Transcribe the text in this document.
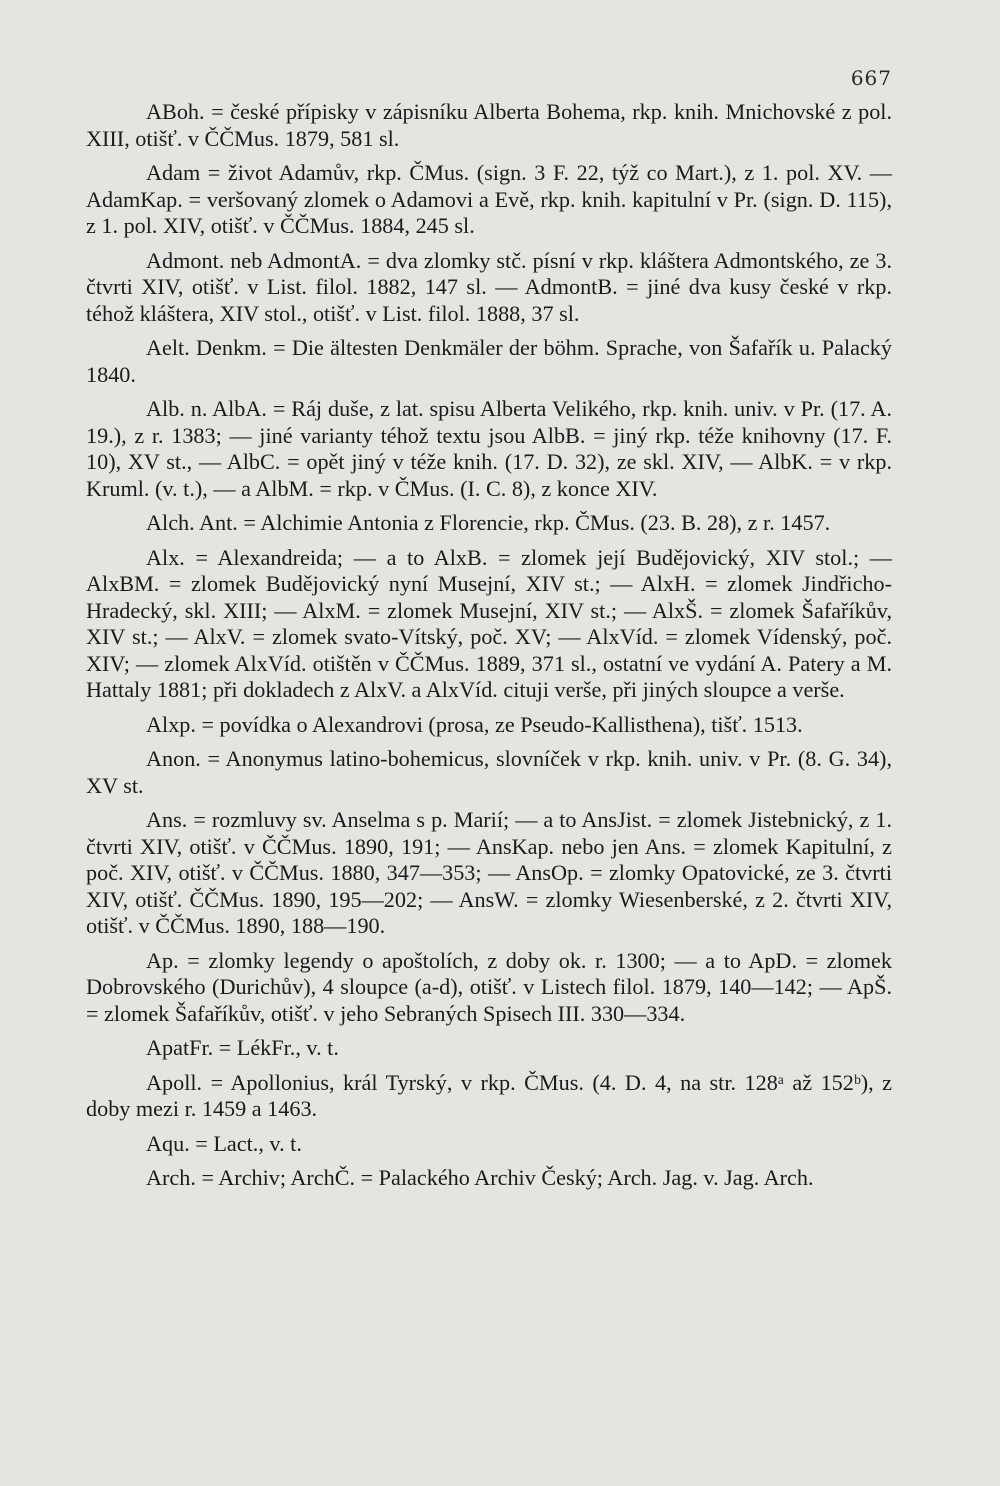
667

ABoh. = české přípisky v zápisníku Alberta Bohema, rkp. knih. Mnichovské z pol. XIII, otišť. v ČČMus. 1879, 581 sl.

Adam = život Adamův, rkp. ČMus. (sign. 3 F. 22, týž co Mart.), z 1. pol. XV. — AdamKap. = veršovaný zlomek o Adamovi a Evě, rkp. knih. kapitulní v Pr. (sign. D. 115), z 1. pol. XIV, otišť. v ČČMus. 1884, 245 sl.

Admont. neb AdmontA. = dva zlomky stč. písní v rkp. kláštera Admontského, ze 3. čtvrti XIV, otišť. v List. filol. 1882, 147 sl. — AdmontB. = jiné dva kusy české v rkp. téhož kláštera, XIV stol., otišť. v List. filol. 1888, 37 sl.

Aelt. Denkm. = Die ältesten Denkmäler der böhm. Sprache, von Šafařík u. Palacký 1840.

Alb. n. AlbA. = Ráj duše, z lat. spisu Alberta Velikého, rkp. knih. univ. v Pr. (17. A. 19.), z r. 1383; — jiné varianty téhož textu jsou AlbB. = jiný rkp. téže knihovny (17. F. 10), XV st., — AlbC. = opět jiný v téže knih. (17. D. 32), ze skl. XIV, — AlbK. = v rkp. Kruml. (v. t.), — a AlbM. = rkp. v ČMus. (I. C. 8), z konce XIV.

Alch. Ant. = Alchimie Antonia z Florencie, rkp. ČMus. (23. B. 28), z r. 1457.

Alx. = Alexandreida; — a to AlxB. = zlomek její Budějovický, XIV stol.; — AlxBM. = zlomek Budějovický nyní Musejní, XIV st.; — AlxH. = zlomek Jindřicho-Hradecký, skl. XIII; — AlxM. = zlomek Musejní, XIV st.; — AlxŠ. = zlomek Šafaříkův, XIV st.; — AlxV. = zlomek svato-Vítský, poč. XV; — AlxVíd. = zlomek Vídenský, poč. XIV; — zlomek AlxVíd. otištěn v ČČMus. 1889, 371 sl., ostatní ve vydání A. Patery a M. Hattaly 1881; při dokladech z AlxV. a AlxVíd. cituji verše, při jiných sloupce a verše.

Alxp. = povídka o Alexandrovi (prosa, ze Pseudo-Kallisthena), tišť. 1513.

Anon. = Anonymus latino-bohemicus, slovníček v rkp. knih. univ. v Pr. (8. G. 34), XV st.

Ans. = rozmluvy sv. Anselma s p. Marií; — a to AnsJist. = zlomek Jistebnický, z 1. čtvrti XIV, otišť. v ČČMus. 1890, 191; — AnsKap. nebo jen Ans. = zlomek Kapitulní, z poč. XIV, otišť. v ČČMus. 1880, 347—353; — AnsOp. = zlomky Opatovické, ze 3. čtvrti XIV, otišť. ČČMus. 1890, 195—202; — AnsW. = zlomky Wiesenberské, z 2. čtvrti XIV, otišť. v ČČMus. 1890, 188—190.

Ap. = zlomky legendy o apoštolích, z doby ok. r. 1300; — a to ApD. = zlomek Dobrovského (Durichův), 4 sloupce (a-d), otišť. v Listech filol. 1879, 140—142; — ApŠ. = zlomek Šafaříkův, otišť. v jeho Sebraných Spisech III. 330—334.

ApatFr. = LékFr., v. t.

Apoll. = Apollonius, král Tyrský, v rkp. ČMus. (4. D. 4, na str. 128ᵃ až 152ᵇ), z doby mezi r. 1459 a 1463.

Aqu. = Lact., v. t.

Arch. = Archiv; ArchČ. = Palackého Archiv Český; Arch. Jag. v. Jag. Arch.
